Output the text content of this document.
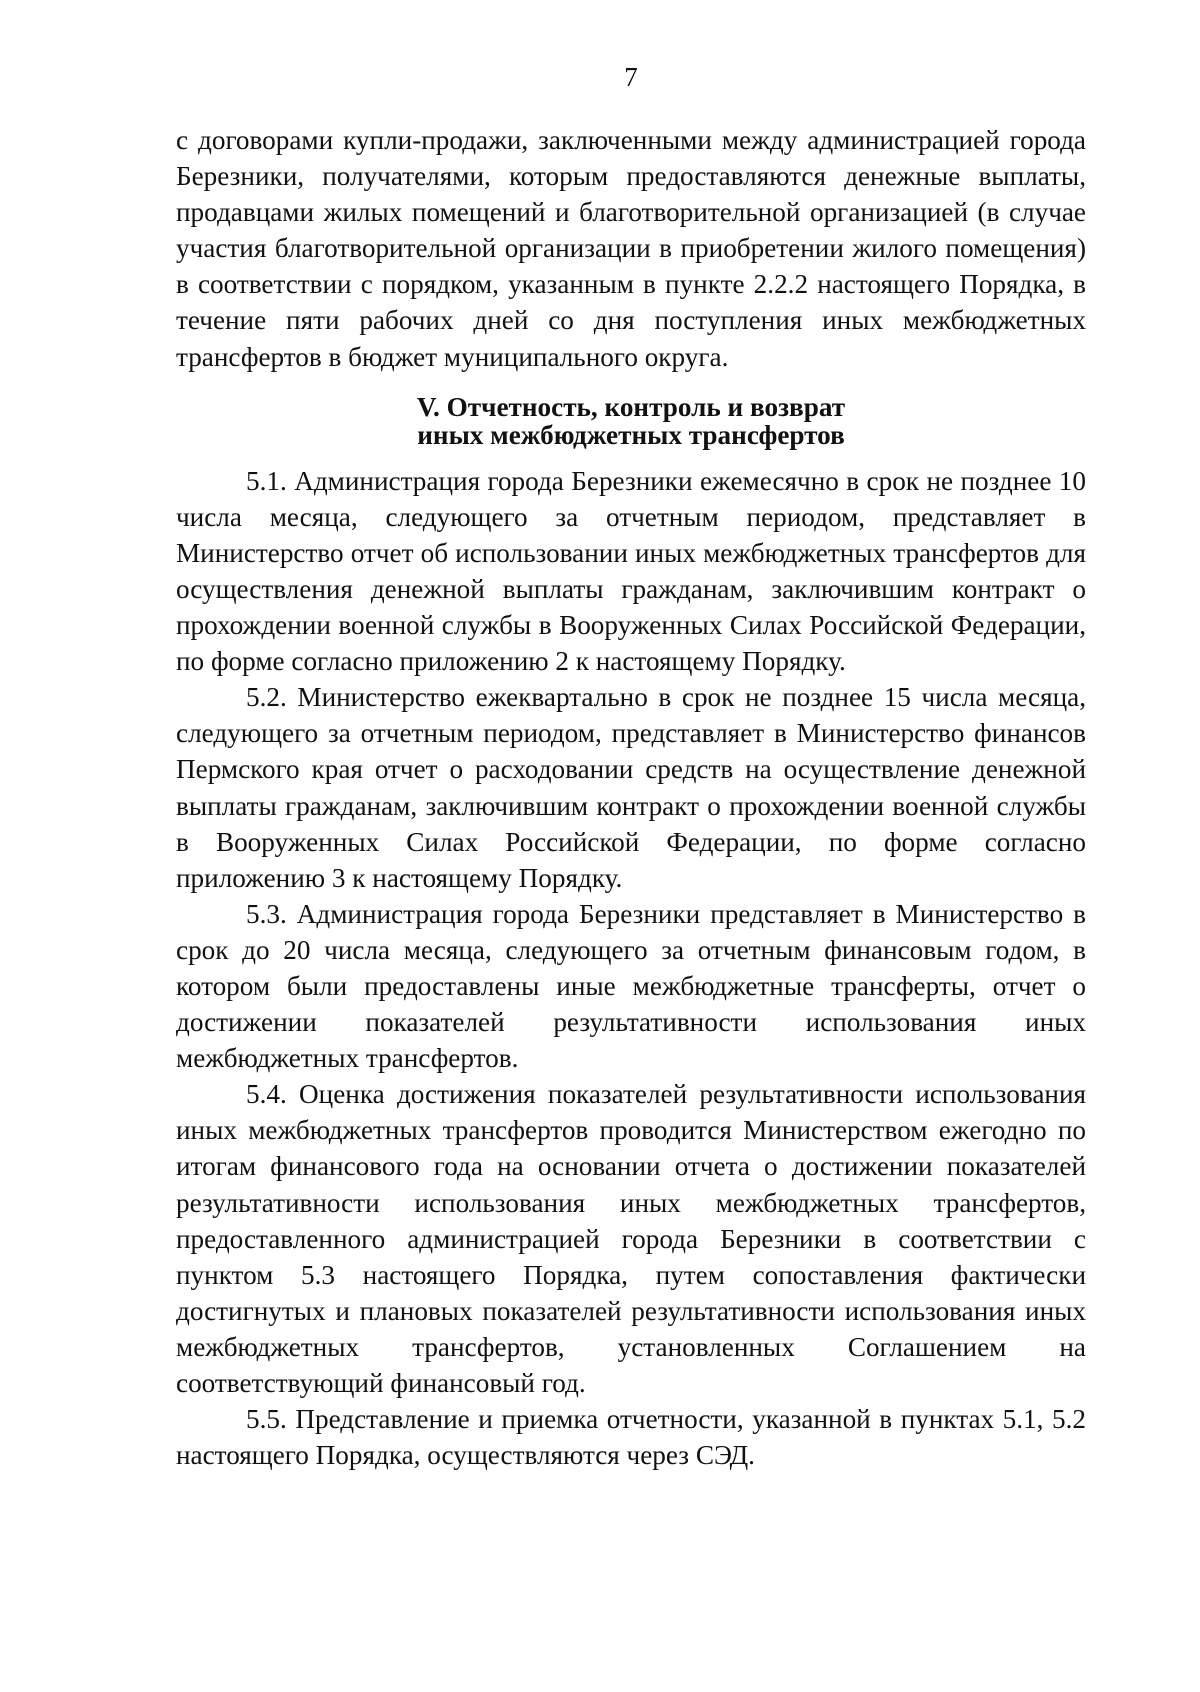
7

с договорами купли-продажи, заключенными между администрацией города Березники, получателями, которым предоставляются денежные выплаты, продавцами жилых помещений и благотворительной организацией (в случае участия благотворительной организации в приобретении жилого помещения) в соответствии с порядком, указанным в пункте 2.2.2 настоящего Порядка, в течение пяти рабочих дней со дня поступления иных межбюджетных трансфертов в бюджет муниципального округа.

V. Отчетность, контроль и возврат
иных межбюджетных трансфертов

5.1. Администрация города Березники ежемесячно в срок не позднее 10 числа месяца, следующего за отчетным периодом, представляет в Министерство отчет об использовании иных межбюджетных трансфертов для осуществления денежной выплаты гражданам, заключившим контракт о прохождении военной службы в Вооруженных Силах Российской Федерации, по форме согласно приложению 2 к настоящему Порядку.

5.2. Министерство ежеквартально в срок не позднее 15 числа месяца, следующего за отчетным периодом, представляет в Министерство финансов Пермского края отчет о расходовании средств на осуществление денежной выплаты гражданам, заключившим контракт о прохождении военной службы в Вооруженных Силах Российской Федерации, по форме согласно приложению 3 к настоящему Порядку.

5.3. Администрация города Березники представляет в Министерство в срок до 20 числа месяца, следующего за отчетным финансовым годом, в котором были предоставлены иные межбюджетные трансферты, отчет о достижении показателей результативности использования иных межбюджетных трансфертов.

5.4. Оценка достижения показателей результативности использования иных межбюджетных трансфертов проводится Министерством ежегодно по итогам финансового года на основании отчета о достижении показателей результативности использования иных межбюджетных трансфертов, предоставленного администрацией города Березники в соответствии с пунктом 5.3 настоящего Порядка, путем сопоставления фактически достигнутых и плановых показателей результативности использования иных межбюджетных трансфертов, установленных Соглашением на соответствующий финансовый год.

5.5. Представление и приемка отчетности, указанной в пунктах 5.1, 5.2 настоящего Порядка, осуществляются через СЭД.
